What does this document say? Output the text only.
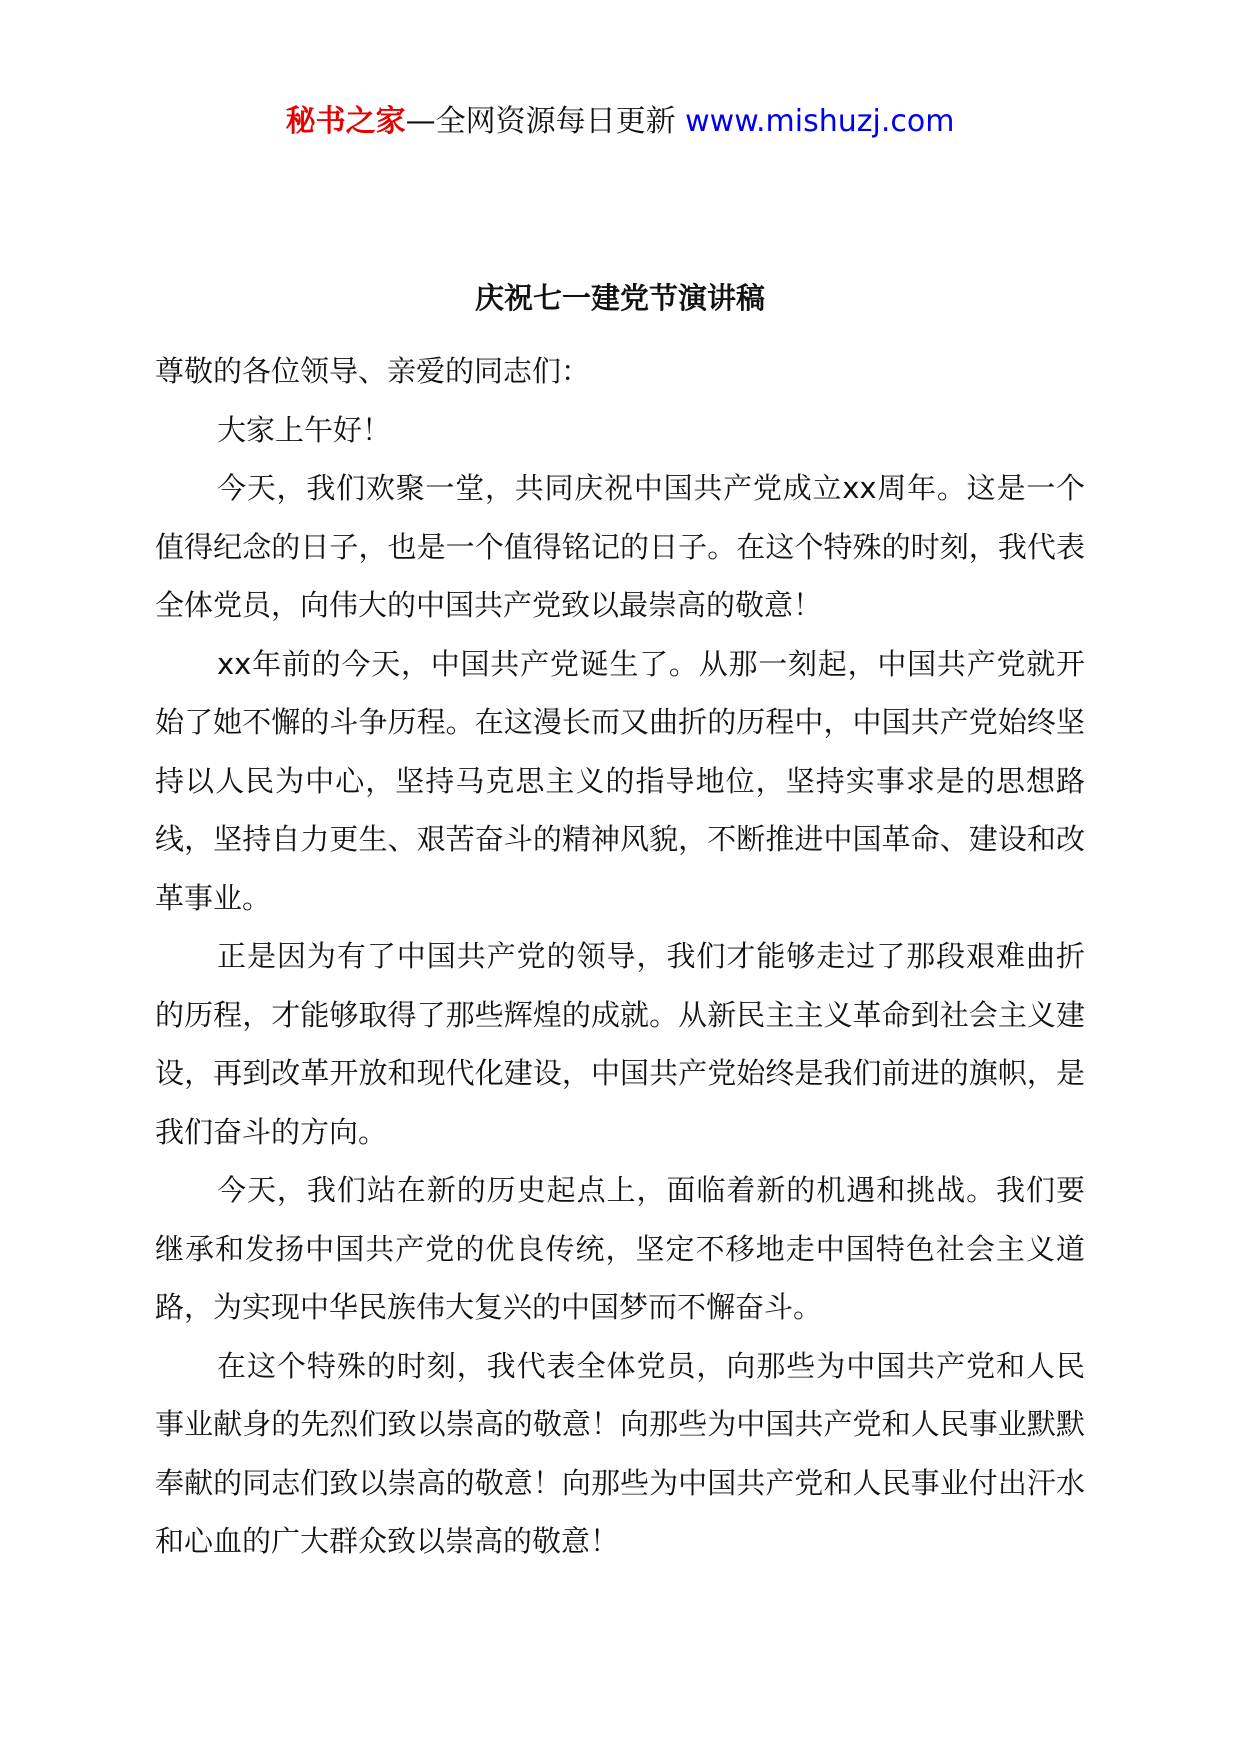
秘书之家—全网资源每日更新 www.mishuzj.com
庆祝七一建党节演讲稿

尊敬的各位领导、亲爱的同志们：

大家上午好！

今天，我们欢聚一堂，共同庆祝中国共产党成立xx周年。这是一个值得纪念的日子，也是一个值得铭记的日子。在这个特殊的时刻，我代表全体党员，向伟大的中国共产党致以最崇高的敬意！

xx年前的今天，中国共产党诞生了。从那一刻起，中国共产党就开始了她不懈的斗争历程。在这漫长而又曲折的历程中，中国共产党始终坚持以人民为中心，坚持马克思主义的指导地位，坚持实事求是的思想路线，坚持自力更生、艰苦奋斗的精神风貌，不断推进中国革命、建设和改革事业。

正是因为有了中国共产党的领导，我们才能够走过了那段艰难曲折的历程，才能够取得了那些辉煌的成就。从新民主主义革命到社会主义建设，再到改革开放和现代化建设，中国共产党始终是我们前进的旗帜，是我们奋斗的方向。

今天，我们站在新的历史起点上，面临着新的机遇和挑战。我们要继承和发扬中国共产党的优良传统，坚定不移地走中国特色社会主义道路，为实现中华民族伟大复兴的中国梦而不懈奋斗。

在这个特殊的时刻，我代表全体党员，向那些为中国共产党和人民事业献身的先烈们致以崇高的敬意！向那些为中国共产党和人民事业默默奉献的同志们致以崇高的敬意！向那些为中国共产党和人民事业付出汗水和心血的广大群众致以崇高的敬意！
